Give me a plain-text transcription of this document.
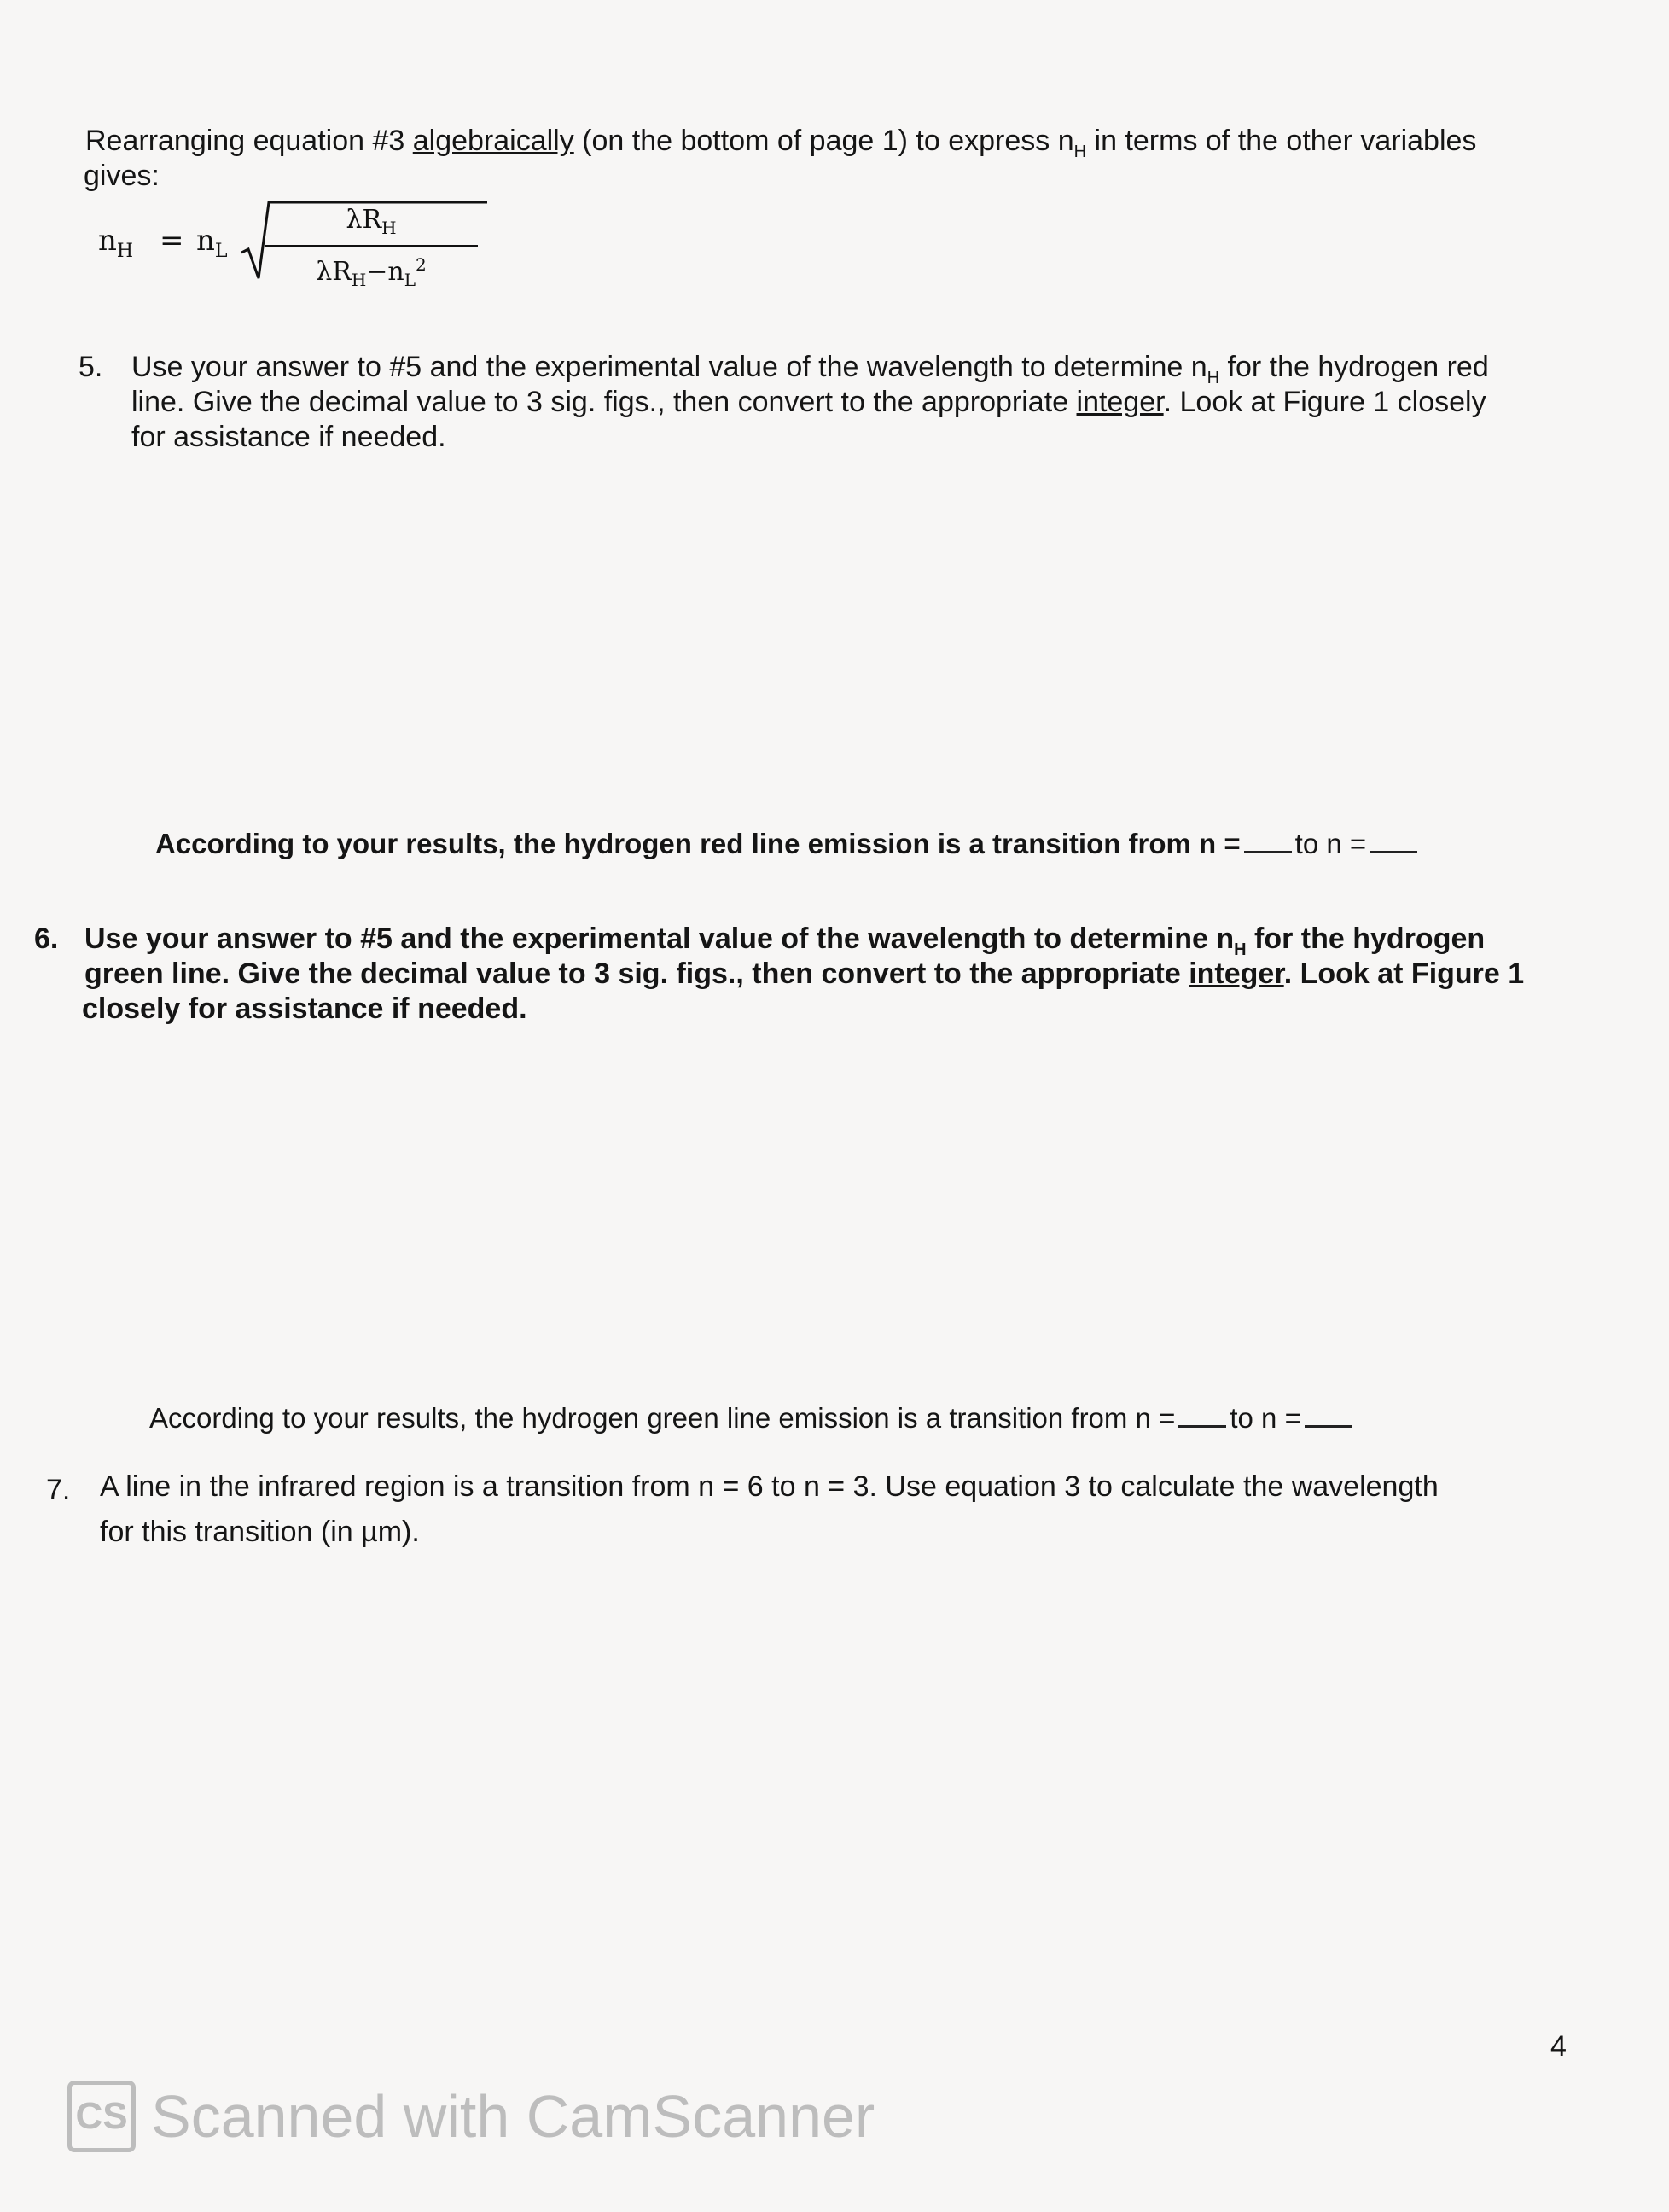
Rearranging equation #3 algebraically (on the bottom of page 1) to express $n_H$ in terms of the other variables
gives:
$n_H = n_L$
$\lambda R_H$
$\lambda R_H-n_L^2$
5. Use your answer to #5 and the experimental value of the wavelength to determine $n_H$ for the hydrogen red
line. Give the decimal value to 3 sig. figs., then convert to the appropriate integer. Look at Figure 1 closely
for assistance if needed.
According to your results, the hydrogen red line emission is a transition from n = to n =
6. Use your answer to #5 and the experimental value of the wavelength to determine $n_H$ for the hydrogen
green line. Give the decimal value to 3 sig. figs., then convert to the appropriate integer. Look at Figure 1
closely for assistance if needed.
According to your results, the hydrogen green line emission is a transition from n = to n =
7. A line in the infrared region is a transition from n = 6 to n = 3. Use equation 3 to calculate the wavelength
for this transition (in µm).
4
CS Scanned with CamScanner
